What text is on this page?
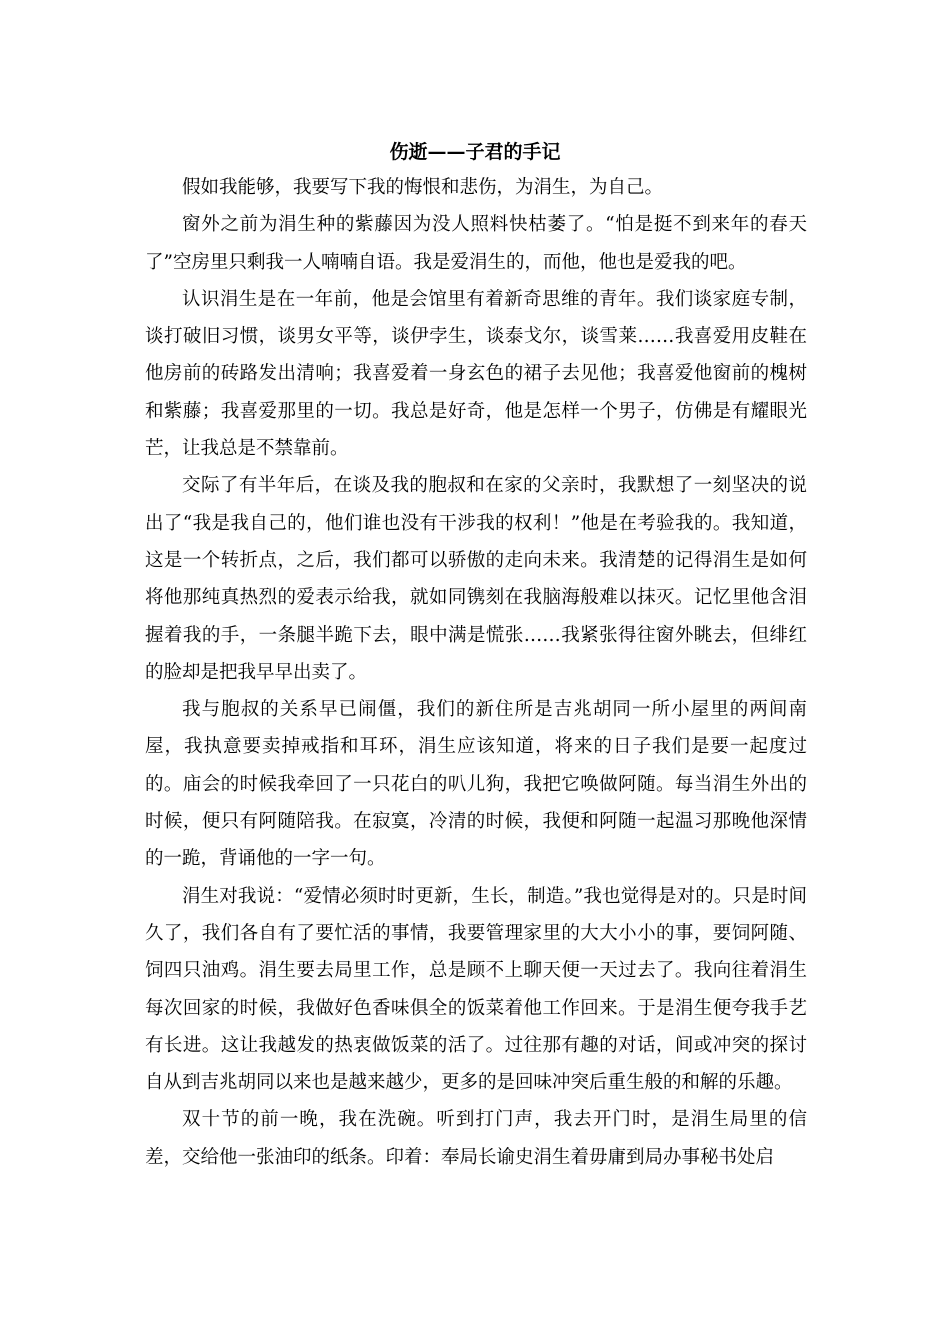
伤逝——子君的手记

假如我能够，我要写下我的悔恨和悲伤，为涓生，为自己。

窗外之前为涓生种的紫藤因为没人照料快枯萎了。“怕是挺不到来年的春天了”空房里只剩我一人喃喃自语。我是爱涓生的，而他，他也是爱我的吧。

认识涓生是在一年前，他是会馆里有着新奇思维的青年。我们谈家庭专制，谈打破旧习惯，谈男女平等，谈伊孛生，谈泰戈尔，谈雪莱……我喜爱用皮鞋在他房前的砖路发出清响；我喜爱着一身玄色的裙子去见他；我喜爱他窗前的槐树和紫藤；我喜爱那里的一切。我总是好奇，他是怎样一个男子，仿佛是有耀眼光芒，让我总是不禁靠前。

交际了有半年后，在谈及我的胞叔和在家的父亲时，我默想了一刻坚决的说出了“我是我自己的，他们谁也没有干涉我的权利！”他是在考验我的。我知道，这是一个转折点，之后，我们都可以骄傲的走向未来。我清楚的记得涓生是如何将他那纯真热烈的爱表示给我，就如同镌刻在我脑海般难以抹灭。记忆里他含泪握着我的手，一条腿半跪下去，眼中满是慌张……我紧张得往窗外眺去，但绯红的脸却是把我早早出卖了。

我与胞叔的关系早已闹僵，我们的新住所是吉兆胡同一所小屋里的两间南屋，我执意要卖掉戒指和耳环，涓生应该知道，将来的日子我们是要一起度过的。庙会的时候我牵回了一只花白的叭儿狗，我把它唤做阿随。每当涓生外出的时候，便只有阿随陪我。在寂寞，冷清的时候，我便和阿随一起温习那晚他深情的一跪，背诵他的一字一句。

涓生对我说：“爱情必须时时更新，生长，制造。”我也觉得是对的。只是时间久了，我们各自有了要忙活的事情，我要管理家里的大大小小的事，要饲阿随、饲四只油鸡。涓生要去局里工作，总是顾不上聊天便一天过去了。我向往着涓生每次回家的时候，我做好色香味俱全的饭菜着他工作回来。于是涓生便夸我手艺有长进。这让我越发的热衷做饭菜的活了。过往那有趣的对话，间或冲突的探讨自从到吉兆胡同以来也是越来越少，更多的是回味冲突后重生般的和解的乐趣。

双十节的前一晚，我在洗碗。听到打门声，我去开门时，是涓生局里的信差，交给他一张油印的纸条。印着：奉局长谕史涓生着毋庸到局办事秘书处启
